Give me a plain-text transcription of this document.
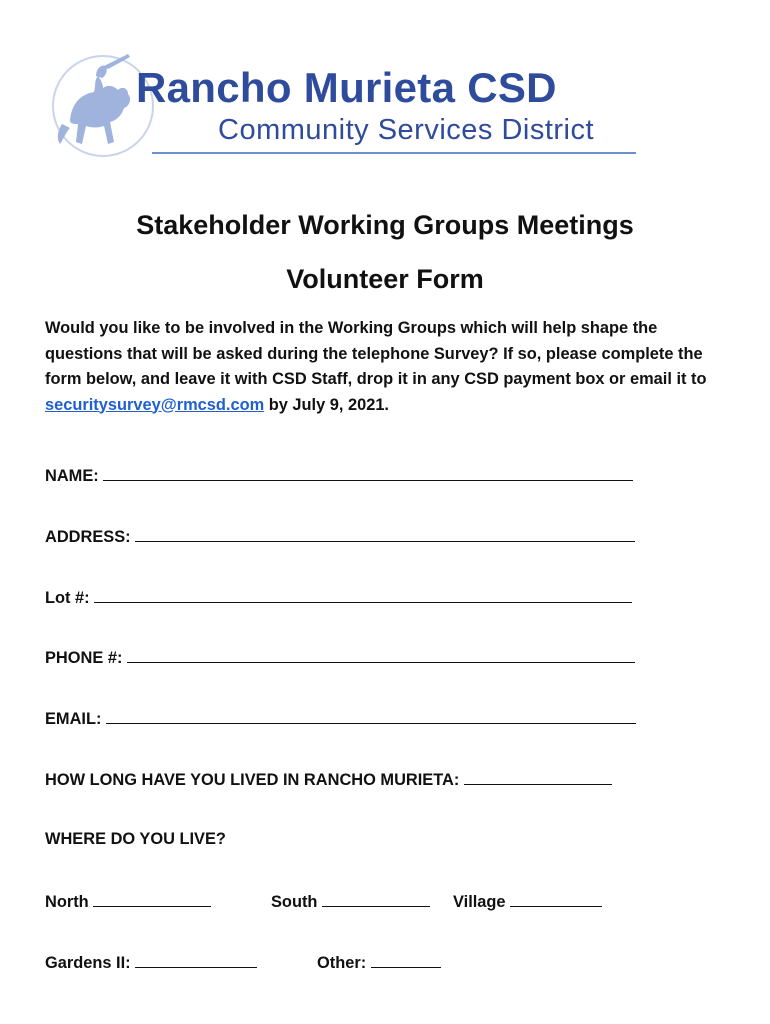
Rancho Murieta CSD
Community Services District
Stakeholder Working Groups Meetings
Volunteer Form
Would you like to be involved in the Working Groups which will help shape the questions that will be asked during the telephone Survey? If so, please complete the form below, and leave it with CSD Staff, drop it in any CSD payment box or email it to securitysurvey@rmcsd.com by July 9, 2021.
NAME:
ADDRESS:
Lot #:
PHONE #:
EMAIL:
HOW LONG HAVE YOU LIVED IN RANCHO MURIETA:
WHERE DO YOU LIVE?
North	South	Village
Gardens II:	Other:
